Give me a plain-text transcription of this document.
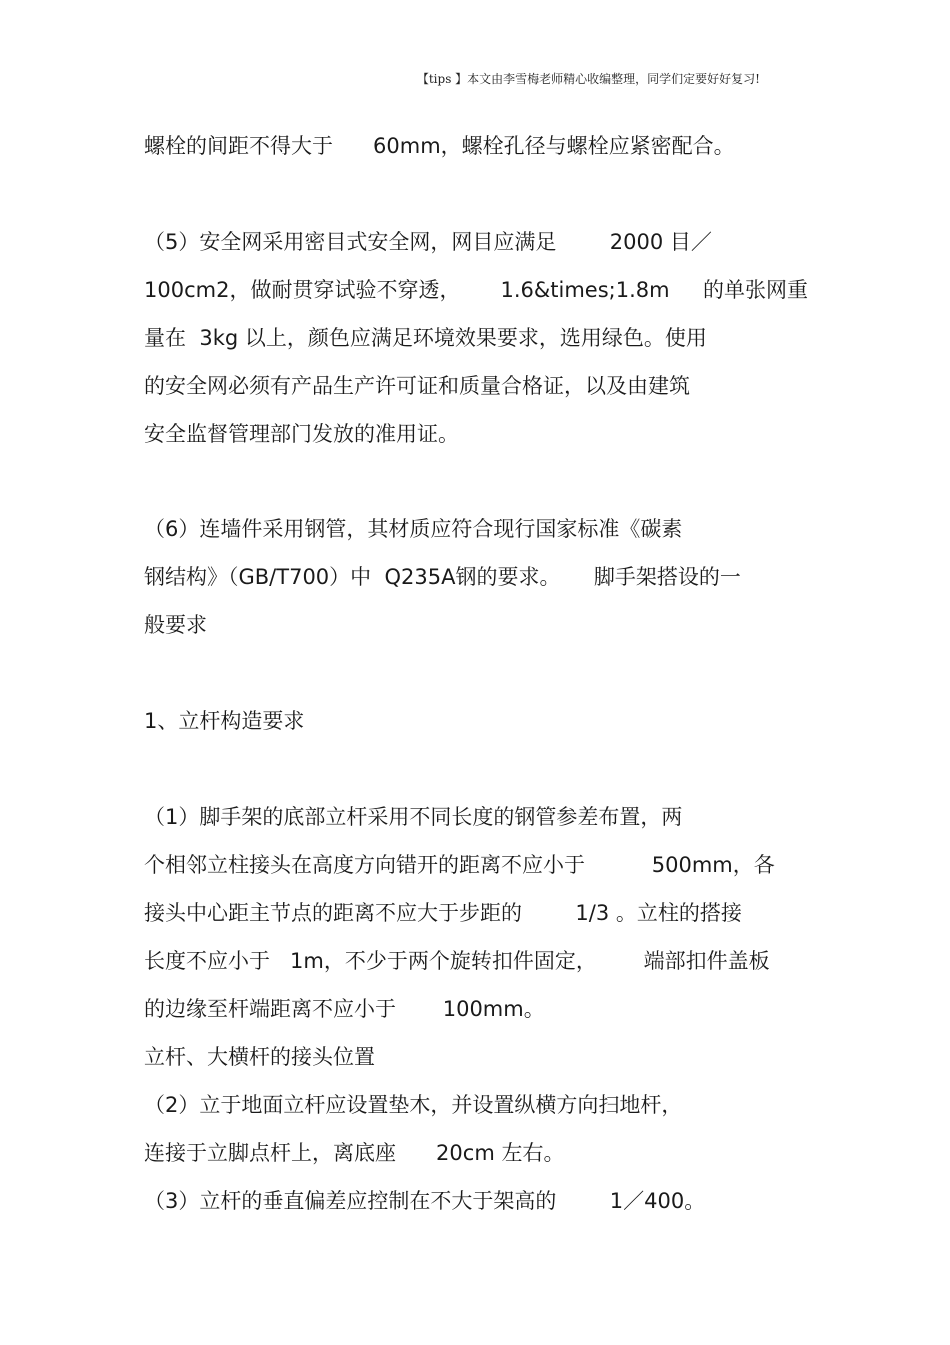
【tips 】本文由李雪梅老师精心收编整理，同学们定要好好复习!
螺栓的间距不得大于      60mm，螺栓孔径与螺栓应紧密配合。
（5）安全网采用密目式安全网，网目应满足        2000 目／
100cm2，做耐贯穿试验不穿透，      1.6&times;1.8m     的单张网重
量在  3kg 以上，颜色应满足环境效果要求，选用绿色。使用
的安全网必须有产品生产许可证和质量合格证，以及由建筑
安全监督管理部门发放的准用证。
（6）连墙件采用钢管，其材质应符合现行国家标准《碳素
钢结构》（GB/T700）中  Q235A钢的要求。     脚手架搭设的一
般要求
1、立杆构造要求
（1）脚手架的底部立杆采用不同长度的钢管参差布置，两
个相邻立柱接头在高度方向错开的距离不应小于          500mm，各
接头中心距主节点的距离不应大于步距的        1/3 。立柱的搭接
长度不应小于   1m，不少于两个旋转扣件固定，       端部扣件盖板
的边缘至杆端距离不应小于       100mm。
立杆、大横杆的接头位置
（2）立于地面立杆应设置垫木，并设置纵横方向扫地杆，
连接于立脚点杆上，离底座      20cm 左右。
（3）立杆的垂直偏差应控制在不大于架高的        1／400。
